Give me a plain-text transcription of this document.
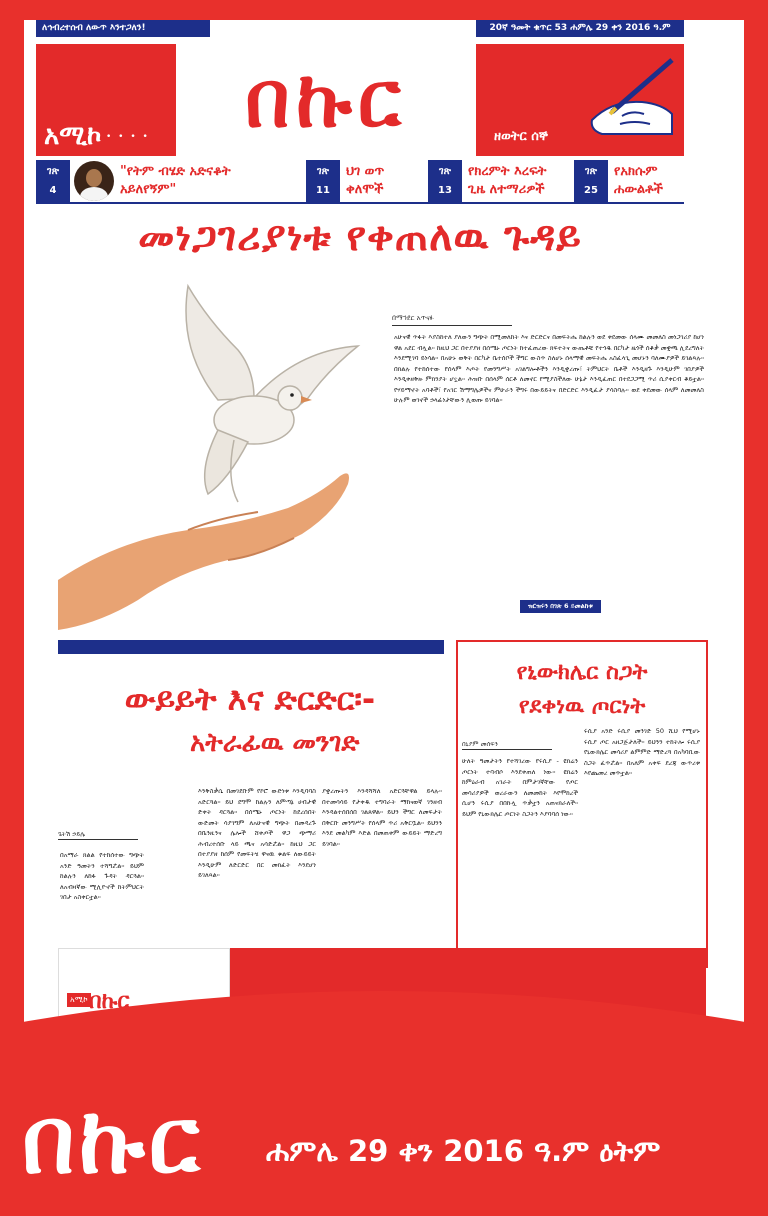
ለኅብረተሰብ ለውጥ እንተጋለን!	20ኛ ዓመት ቁጥር 53 ሐምሌ 29 ቀን 2016 ዓ.ም
• • • •
አሚኮ	በኩር	ዘወትር ሰኞ
ገጽ
4
"የትም ብሄድ አድናቆት አይለየኝም"
ገጽ
11
ህገ ወጥ ቀለሞች
ገጽ
13
የክረምት እረፍት ጊዜ ለተማሪዎች
ገጽ
25
የአክሱም ሐውልቶች
መነጋገሪያነቱ የቀጠለዉ ጉዳይ
በማኅደር አጥናፉ
አሁናዊ ጥፋት እያስከተለ ያለውን ግጭት በሚመለከት እና ድርድርና በመፍትሔ ከልሉን ወደ ቀደመው ሰላሙ መመለስ መነጋገሪያ ከሆነ ዋል አደር ብሏል። ከዚህ ጋር በተያያዘ በሰሜኑ ጦርነት ከተፈጠረው ክፍተትና ውጤቶቹ የተጎዱ በርካታ ዜጎች ሰቆቃ መቋጫ ሊደረግለት እንደሚገባ ይነሳል። በአሁኑ ወቅት በርካታ ቤተሰቦች ችግር ውስጥ ስለሆኑ ሰላማዊ መፍትሔ አስፈላጊ መሆኑን ባለሙያዎች ይገልጻሉ። በክልሉ የተከሰተው የሰላም እጦት የመንግሥት አገልግሎቶችን እንዲቋረጡ፣ ትምህርት ቤቶች እንዲዘጉ እንዲሁም ገበያዎች እንዲቀዘቅዙ ምክንያት ሆኗል። ሕዝቡ በሰላም ሰርቶ ለመኖር የሚያስችለው ሁኔታ እንዲፈጠር በተደጋጋሚ ጥሪ ሲያቀርብ ቆይቷል። የሃይማኖት አባቶች፣ የአገር ሽማግሌዎችና ምሁራን ችግሩ በውይይትና በድርድር እንዲፈታ ያሳስባሉ። ወደ ቀደመው ሰላም ለመመለስ ሁሉም ወገኖች ኃላፊነታቸውን ሊወጡ ይገባል።
ዝርዝሩን በገጽ 6 ይመልከቱ
ውይይት እና ድርድር፡-
አትራፊዉ መንገድ
ጌትሽ ኃይሌ
በአማራ ክልል የተከሰተው ግጭት አንድ ዓመትን ተሻግሯል። ይህም ከልሉን ለከፋ ጉዳት ዳርጓል። ለአብዛኛው ሚሊዮኖች ከትምህርት ገበታ አስቀርቷል።
እንቅስቃሴ በመገደቡም የኮሮ ውድነቱ እንዲባባስ አድርጓል። ይህ ደግሞ ከልሉን ለምጣኔ ሀብታዊ ድቀት ዳርጓል። በሰሜኑ ጦርነት ከደረሰበት ውድመት ሳያገግም ለአሁናዊ ግጭት በመዳረጉ በቤንዚንና ሌሎች ሸቀጦች ዋጋ ጭማሪ ሕብረተሰቡ ላይ ጫና አሳድሯል። ከዚህ ጋር በተያያዘ ከሰም የመፍትሄ ዋናዉ ቁልፍ ለውይይት እንዲሁም ለድርድር በር መክፈት እንደሆነ ይገለጻል።
ያቋረጡትን እንዳሻሻለ አድርጓቸዋል ይላሉ። በተመሳሳይ የታቀዱ ተግባራት ማከናወኛ ገንዘብ እንዳልተሰበሰበ ገልጸዋል። ይህን ችግር ለመፍታት በቅርቡ መንግሥት የሰላም ጥሪ አቅርቧል። ይህንን እንደ መልካም እድል በመጠቀም ውይይት ማድረግ ይገባል።
የኒውክሌር ስጋት
የደቀነዉ ጦርነት
በኒያም መሰፍን
ሁለት ዓመታትን የተሻገረው የሩሲያ - ዩክሬን ጦርነት ተባብሶ እንደቀጠለ ነው። ዩክሬን ከምዕራብ አገራት በምታገኛቸው የጦር መሳሪያዎች ወረራውን ለመመከት እየሞከረች ሲሆን ሩሲያ በበኩሏ ጥቃቷን አጠናክራለች። ይህም የኒውክሌር ጦርነት ስጋትን እያባባሰ ነው።
ሩሲያ አንድ ሩሲያ መንገድ 50 ሺህ የሚሆኑ ሩሲያ ጦር አዘጋጅታለች። ይህንን ተከትሎ ሩሲያ የኒውክሌር መሳሪያ ልምምድ ማድረጓ በአካባቢው ስጋት ፈጥሯል። በአለም አቀፍ ደረጃ ውጥረቱ እየጨመረ መጥቷል።
አሚኮ በኩር
በኩር ሐምሌ 29 ቀን 2016 ዓ.ም ዕትም
